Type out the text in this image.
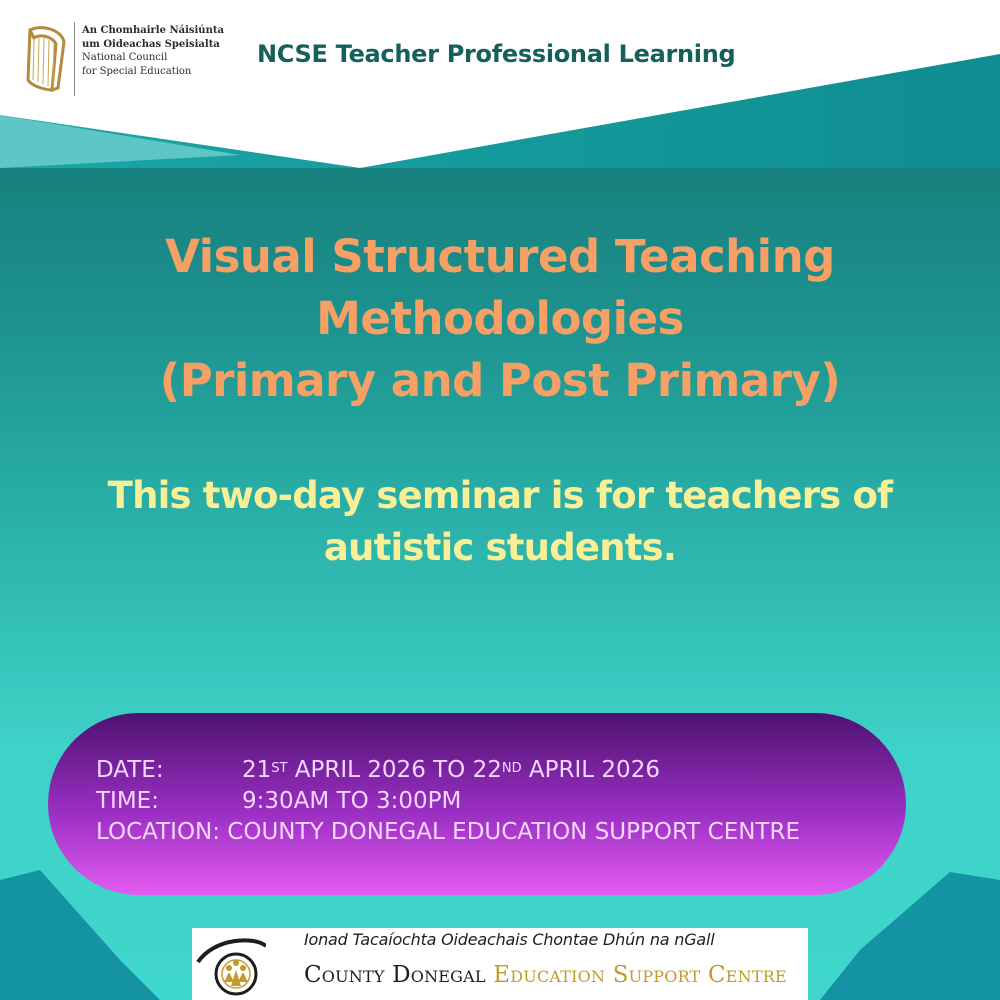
An Chomhairle Náisiúnta
um Oideachas Speisialta
National Council
for Special Education
NCSE Teacher Professional Learning
Visual Structured Teaching
Methodologies
(Primary and Post Primary)
This two-day seminar is for teachers of
autistic students.
DATE:	21ST APRIL 2026 TO 22ND APRIL 2026
TIME:	9:30AM TO 3:00PM
LOCATION: COUNTY DONEGAL EDUCATION SUPPORT CENTRE
Ionad Tacaíochta Oideachais Chontae Dhún na nGall
County Donegal Education Support Centre
